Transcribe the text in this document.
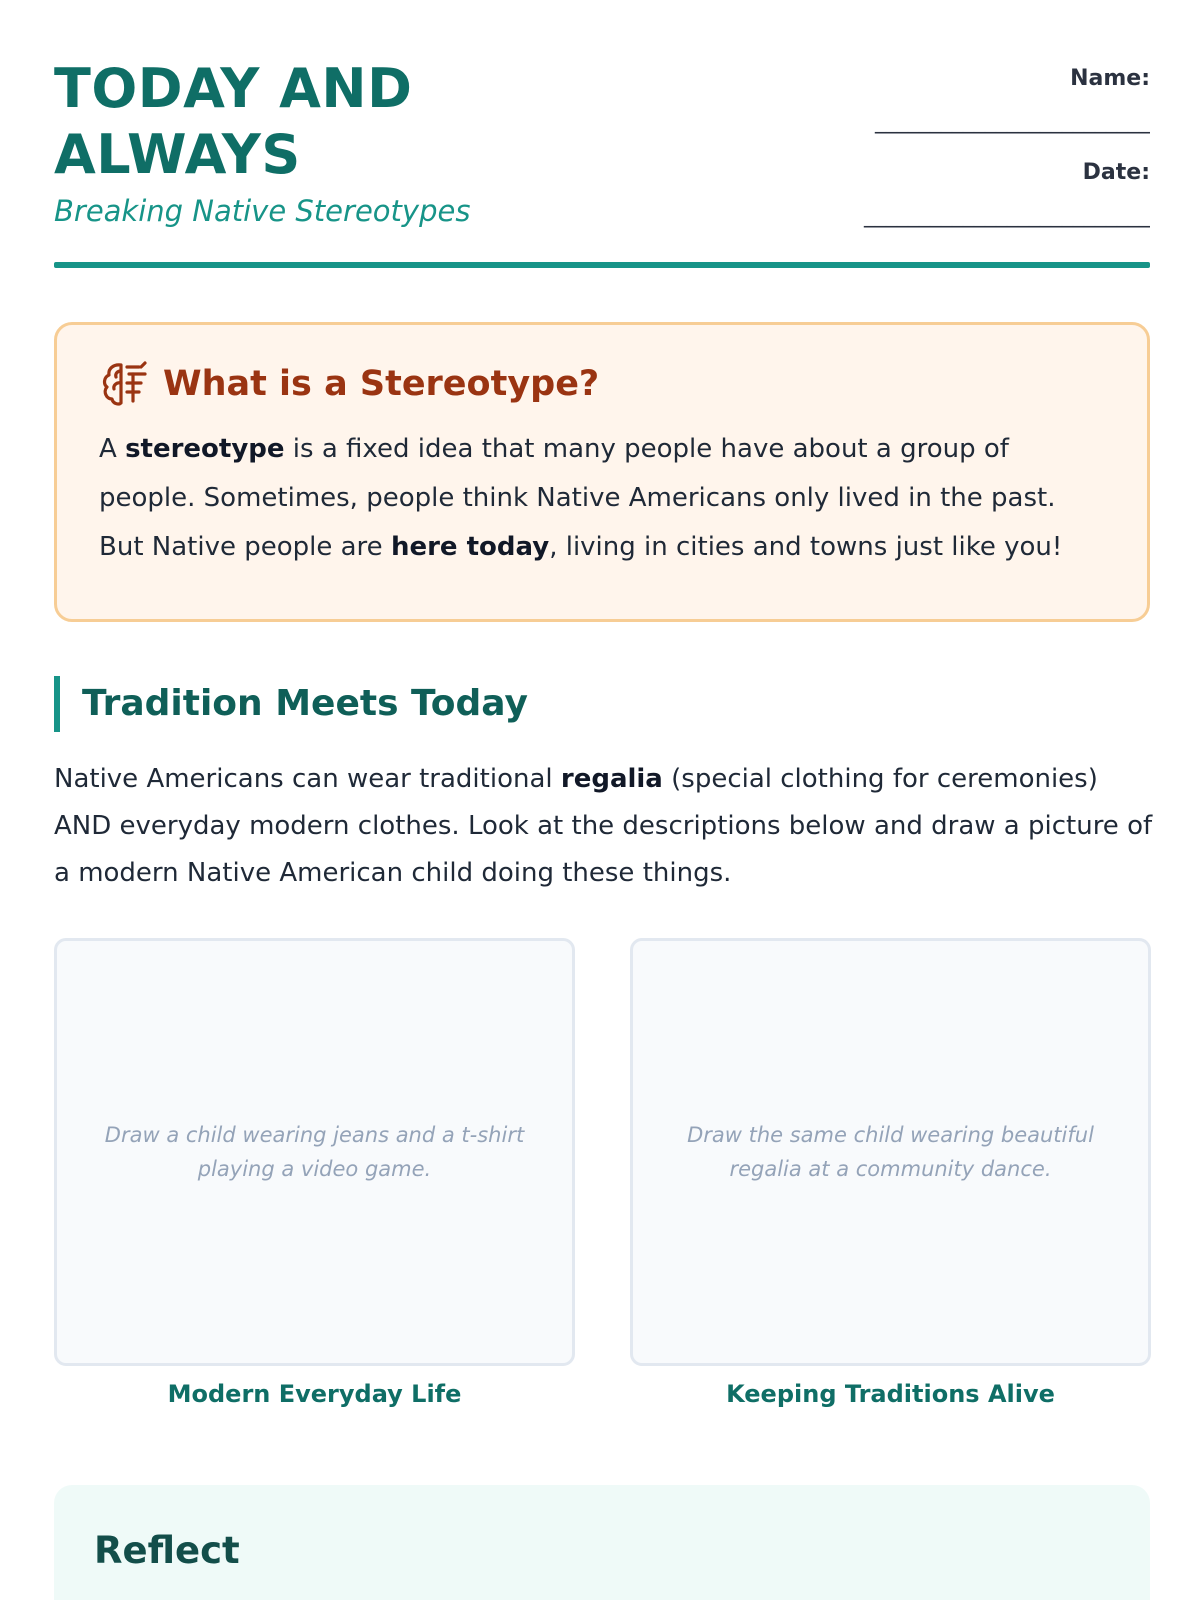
TODAY AND ALWAYS
Breaking Native Stereotypes
Name:
_________________________
Date:
__________________________
What is a Stereotype?

A stereotype is a fixed idea that many people have about a group of people. Sometimes, people think Native Americans only lived in the past. But Native people are here today, living in cities and towns just like you!

Tradition Meets Today

Native Americans can wear traditional regalia (special clothing for ceremonies) AND everyday modern clothes. Look at the descriptions below and draw a picture of a modern Native American child doing these things.

Draw a child wearing jeans and a t-shirt playing a video game.
Draw the same child wearing beautiful regalia at a community dance.
Modern Everyday Life	Keeping Traditions Alive
Reflect
